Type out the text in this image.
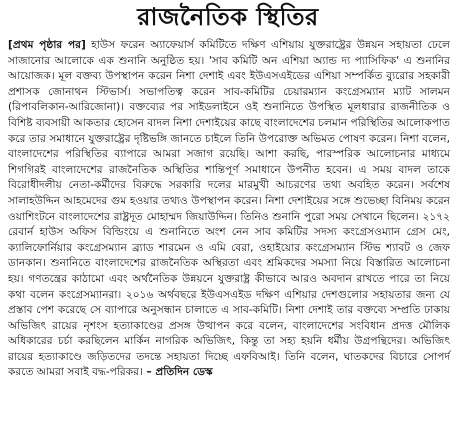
রাজনৈতিক স্থিতির
[প্রথম পৃষ্ঠার পর] হাউস ফরেন অ্যাফেয়ার্স কমিটিতে দক্ষিণ এশিয়ায় যুক্তরাষ্ট্রের উন্নয়ন সহায়তা ঢেলে সাজানোর আলোকে এক শুনানি অনুষ্ঠিত হয়। 'সাব কমিটি অন এশিয়া অ্যান্ড দ্য প্যাসিফিক' এ শুনানির আয়োজক। মূল বক্তব্য উপস্থাপন করেন নিশা দেশাই এবং ইউএসএইডের এশিয়া সম্পর্কিত ব্যুরোর সহকারী প্রশাসক জোনাথন স্টিভার্স। সভাপতিত্ব করেন সাব-কমিটির চেয়ারম্যান কংগ্রেসম্যান ম্যাট সালমন (রিপাবলিকান-আরিজোনা)। বক্তব্যের পর সাইডলাইনে ওই শুনানিতে উপস্থিত মূলধারার রাজনীতিক ও বিশিষ্ট ব্যবসায়ী আকতার হোসেন বাদল নিশা দেশাইয়ের কাছে বাংলাদেশের চলমান পরিস্থিতির আলোকপাত করে তার সমাধানে যুক্তরাষ্ট্রের দৃষ্টিভঙ্গি জানতে চাইলে তিনি উপরোক্ত অভিমত পোষণ করেন। নিশা বলেন, বাংলাদেশের পরিস্থিতির ব্যাপারে আমরা সজাগ রয়েছি। আশা করছি, পারস্পরিক আলোচনার মাধ্যমে শিগগিরই বাংলাদেশের রাজনৈতিক অস্থিতির শান্তিপূর্ণ সমাধানে উপনীত হবেন। এ সময় বাদল তাকে বিরোধীদলীয় নেতা-কর্মীদের বিরুদ্ধে সরকারি দলের মারমুখী আচরণের তথ্য অবহিত করেন। সর্বশেষ সালাহউদ্দিন আহমেদের গুম হওয়ার তথ্যও উপস্থাপন করেন। নিশা দেশাইয়ের সঙ্গে শুভেচ্ছা বিনিময় করেন ওয়াশিংটনে বাংলাদেশের রাষ্ট্রদূত মোহাম্মদ জিয়াউদ্দিন। তিনিও শুনানি পুরো সময় সেখানে ছিলেন। ২১৭২ রেবার্ন হাউস অফিস বিল্ডিংয়ে এ শুনানিতে অংশ নেন সাব কমিটির সদস্য কংগ্রেসওম্যান গ্রেস মেং, ক্যালিফোর্নিয়ার কংগ্রেসম্যান ব্র্যাড শারমেন ও এমি বেরা, ওহাইয়োর কংগ্রেসম্যান স্টিভ শ্যাবট ও জেফ ডানকান। শুনানিতে বাংলাদেশের রাজনৈতিক অস্থিরতা এবং শ্রমিকদের সমস্যা নিয়ে বিস্তারিত আলোচনা হয়। গণতন্ত্রের কাঠামো এবং অর্থনৈতিক উন্নয়নে যুক্তরাষ্ট্র কীভাবে আরও অবদান রাখতে পারে তা নিয়ে কথা বলেন কংগ্রেসম্যানরা। ২০১৬ অর্থবছরে ইউএসএইড দক্ষিণ এশিয়ার দেশগুলোর সহায়তার জন্য যে প্রস্তাব পেশ করেছে সে ব্যাপারে অনুসন্ধান চালাতে এ সাব-কমিটি। নিশা দেশাই তার বক্তব্যে সম্প্রতি ঢাকায় অভিজিৎ রায়ের নৃশংস হত্যাকাণ্ডের প্রসঙ্গ উত্থাপন করে বলেন, বাংলাদেশের সংবিধান প্রদত্ত মৌলিক অধিকারের চর্চা করছিলেন মার্কিন নাগরিক অভিজিৎ, কিন্তু তা সহ্য হয়নি ধর্মীয় উগ্রপন্থিদের। অভিজিৎ রায়ের হত্যাকাণ্ডে জড়িতদের তদন্তে সহায়তা দিচ্ছে এফবিআই। তিনি বলেন, ঘাতকদের বিচারে সোপর্দ করতে আমরা সবাই বদ্ধ-পরিকর। – প্রতিদিন ডেস্ক
